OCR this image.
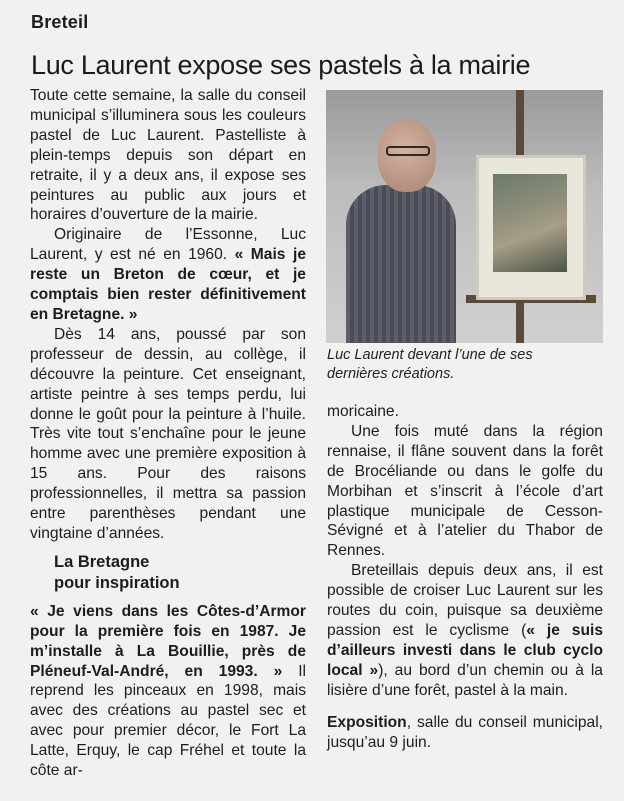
Breteil
Luc Laurent expose ses pastels à la mairie

Toute cette semaine, la salle du conseil municipal s’illuminera sous les couleurs pastel de Luc Laurent. Pastelliste à plein-temps depuis son départ en retraite, il y a deux ans, il expose ses peintures au public aux jours et horaires d’ouverture de la mairie.

Originaire de l’Essonne, Luc Laurent, y est né en 1960. « Mais je reste un Breton de cœur, et je comptais bien rester définitivement en Bretagne. »

Dès 14 ans, poussé par son professeur de dessin, au collège, il découvre la peinture. Cet enseignant, artiste peintre à ses temps perdu, lui donne le goût pour la peinture à l’huile. Très vite tout s’enchaîne pour le jeune homme avec une première exposition à 15 ans. Pour des raisons professionnelles, il mettra sa passion entre parenthèses pendant une vingtaine d’années.

La Bretagne
pour inspiration

« Je viens dans les Côtes-d’Armor pour la première fois en 1987. Je m’installe à La Bouillie, près de Pléneuf-Val-André, en 1993. » Il reprend les pinceaux en 1998, mais avec des créations au pastel sec et avec pour premier décor, le Fort La Latte, Erquy, le cap Fréhel et toute la côte ar-

Luc Laurent devant l’une de ses
dernières créations.

moricaine.

Une fois muté dans la région rennaise, il flâne souvent dans la forêt de Brocéliande ou dans le golfe du Morbihan et s’inscrit à l’école d’art plastique municipale de Cesson-Sévigné et à l’atelier du Thabor de Rennes.

Breteillais depuis deux ans, il est possible de croiser Luc Laurent sur les routes du coin, puisque sa deuxième passion est le cyclisme (« je suis d’ailleurs investi dans le club cyclo local »), au bord d’un chemin ou à la lisière d’une forêt, pastel à la main.

Exposition, salle du conseil municipal, jusqu’au 9 juin.
